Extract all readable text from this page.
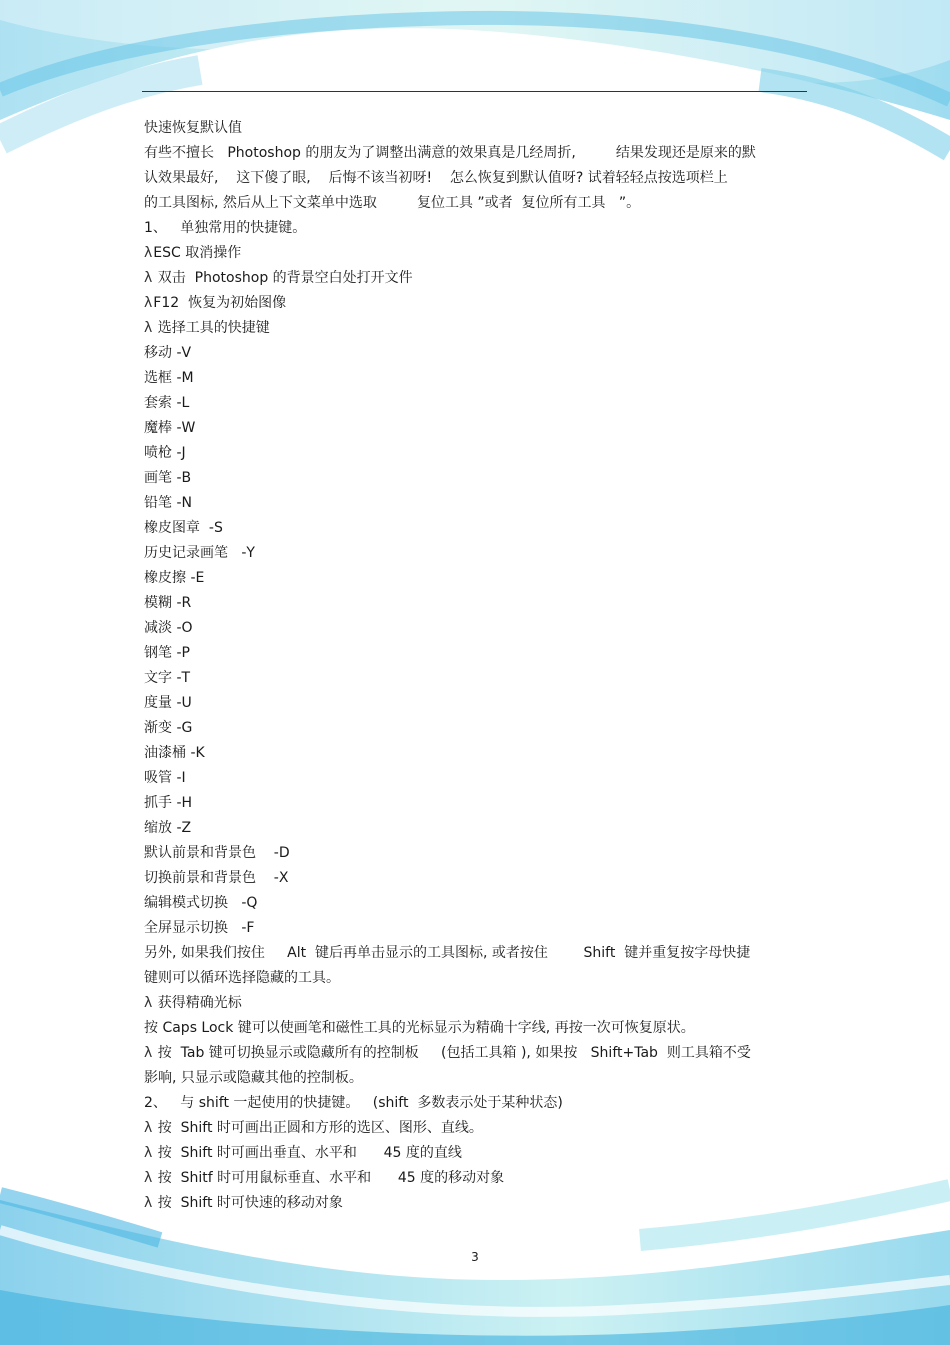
快速恢复默认值
有些不擅长   Photoshop 的朋友为了调整出满意的效果真是几经周折,         结果发现还是原来的默
认效果最好,    这下傻了眼,    后悔不该当初呀!    怎么恢复到默认值呀? 试着轻轻点按选项栏上
的工具图标, 然后从上下文菜单中选取         复位工具 ”或者  复位所有工具   ”。
1、   单独常用的快捷键。
λESC 取消操作
λ 双击  Photoshop 的背景空白处打开文件
λF12  恢复为初始图像
λ 选择工具的快捷键
移动 -V
选框 -M
套索 -L
魔棒 -W
喷枪 -J
画笔 -B
铅笔 -N
橡皮图章  -S
历史记录画笔   -Y
橡皮擦 -E
模糊 -R
减淡 -O
钢笔 -P
文字 -T
度量 -U
渐变 -G
油漆桶 -K
吸管 -I
抓手 -H
缩放 -Z
默认前景和背景色    -D
切换前景和背景色    -X
编辑模式切换   -Q
全屏显示切换   -F
另外, 如果我们按住     Alt  键后再单击显示的工具图标, 或者按住        Shift  键并重复按字母快捷
键则可以循环选择隐藏的工具。
λ 获得精确光标
按 Caps Lock 键可以使画笔和磁性工具的光标显示为精确十字线, 再按一次可恢复原状。
λ 按  Tab 键可切换显示或隐藏所有的控制板     (包括工具箱 ), 如果按   Shift+Tab  则工具箱不受
影响, 只显示或隐藏其他的控制板。
2、   与 shift 一起使用的快捷键。   (shift  多数表示处于某种状态)
λ 按  Shift 时可画出正圆和方形的选区、图形、直线。
λ 按  Shift 时可画出垂直、水平和      45 度的直线
λ 按  Shitf 时可用鼠标垂直、水平和      45 度的移动对象
λ 按  Shift 时可快速的移动对象
3
